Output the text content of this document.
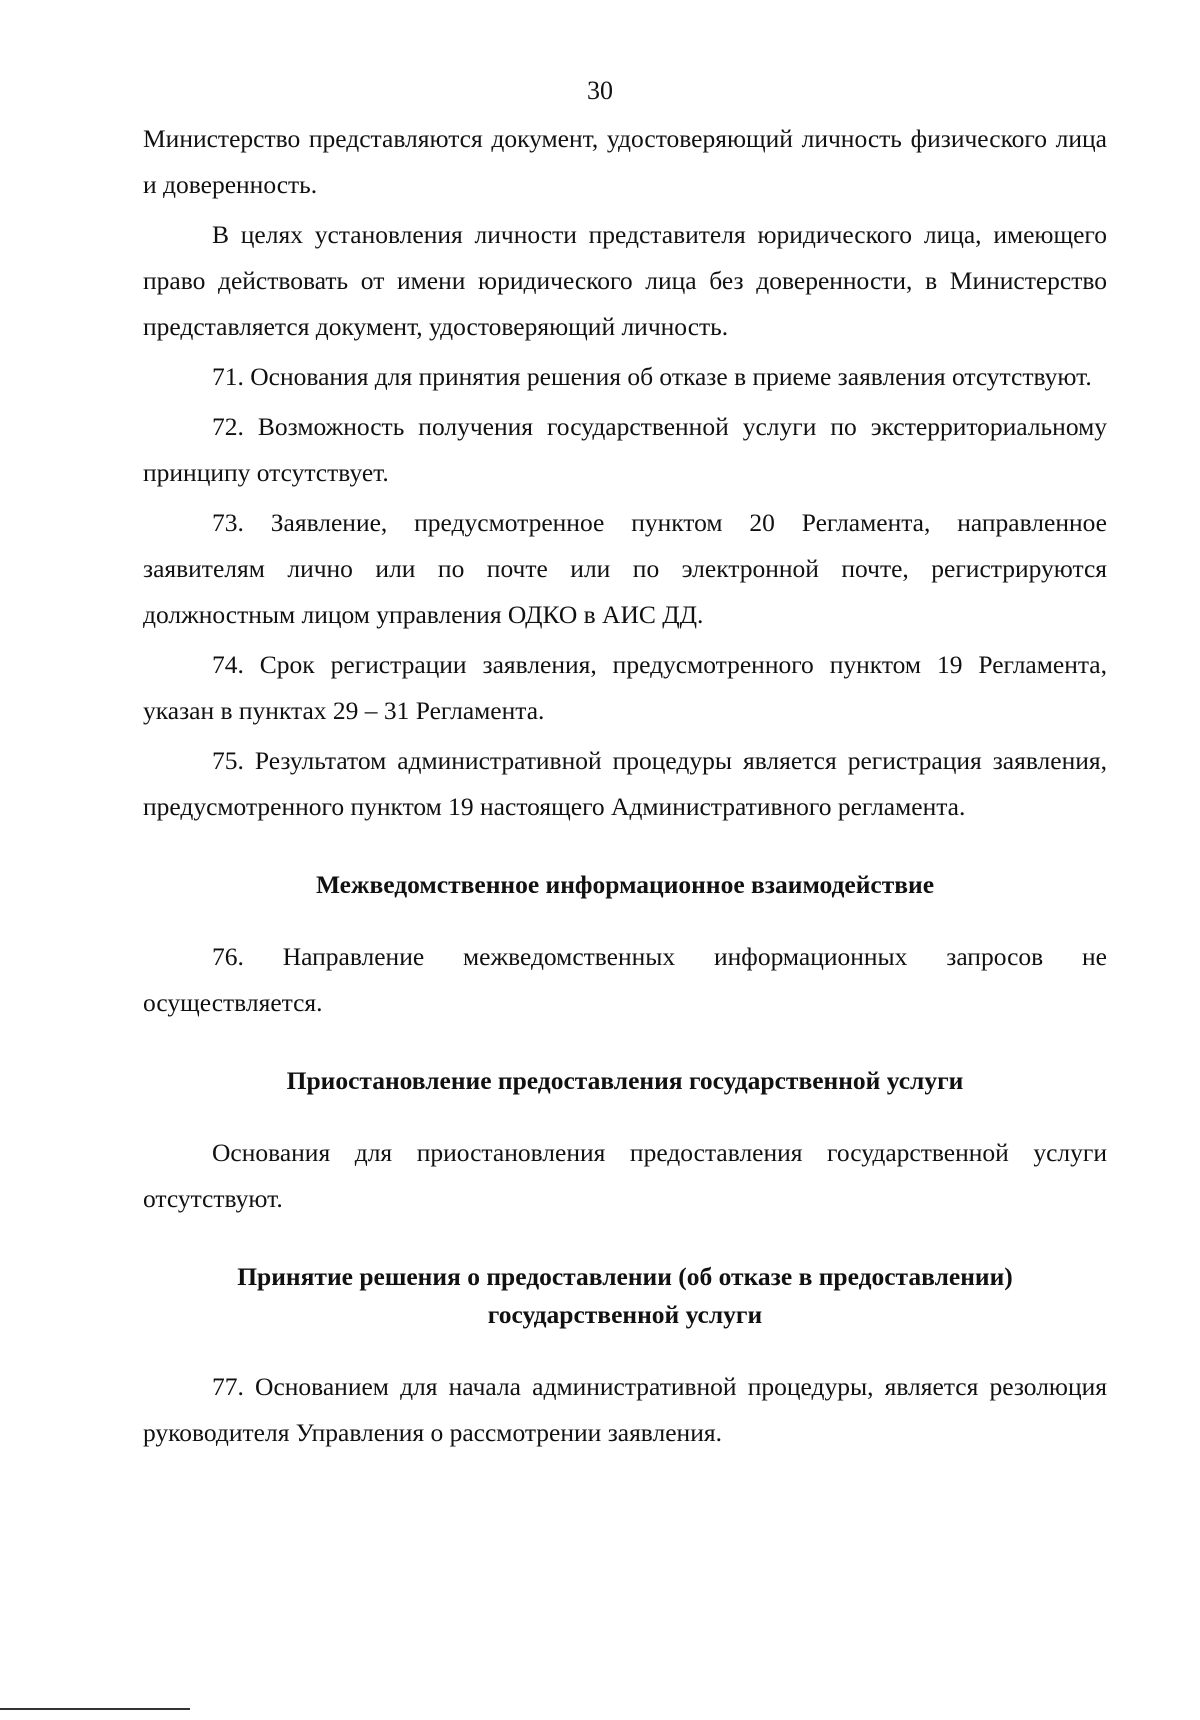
30

Министерство представляются документ, удостоверяющий личность физического лица и доверенность.

В целях установления личности представителя юридического лица, имеющего право действовать от имени юридического лица без доверенности, в Министерство представляется документ, удостоверяющий личность.

71. Основания для принятия решения об отказе в приеме заявления отсутствуют.

72. Возможность получения государственной услуги по экстерриториальному принципу отсутствует.

73. Заявление, предусмотренное пунктом 20 Регламента, направленное заявителям лично или по почте или по электронной почте, регистрируются должностным лицом управления ОДКО в АИС ДД.

74. Срок регистрации заявления, предусмотренного пунктом 19 Регламента, указан в пунктах 29 – 31 Регламента.

75. Результатом административной процедуры является регистрация заявления, предусмотренного пунктом 19 настоящего Административного регламента.

Межведомственное информационное взаимодействие

76. Направление межведомственных информационных запросов не осуществляется.

Приостановление предоставления государственной услуги

Основания для приостановления предоставления государственной услуги отсутствуют.

Принятие решения о предоставлении (об отказе в предоставлении)
государственной услуги

77. Основанием для начала административной процедуры, является резолюция руководителя Управления о рассмотрении заявления.
